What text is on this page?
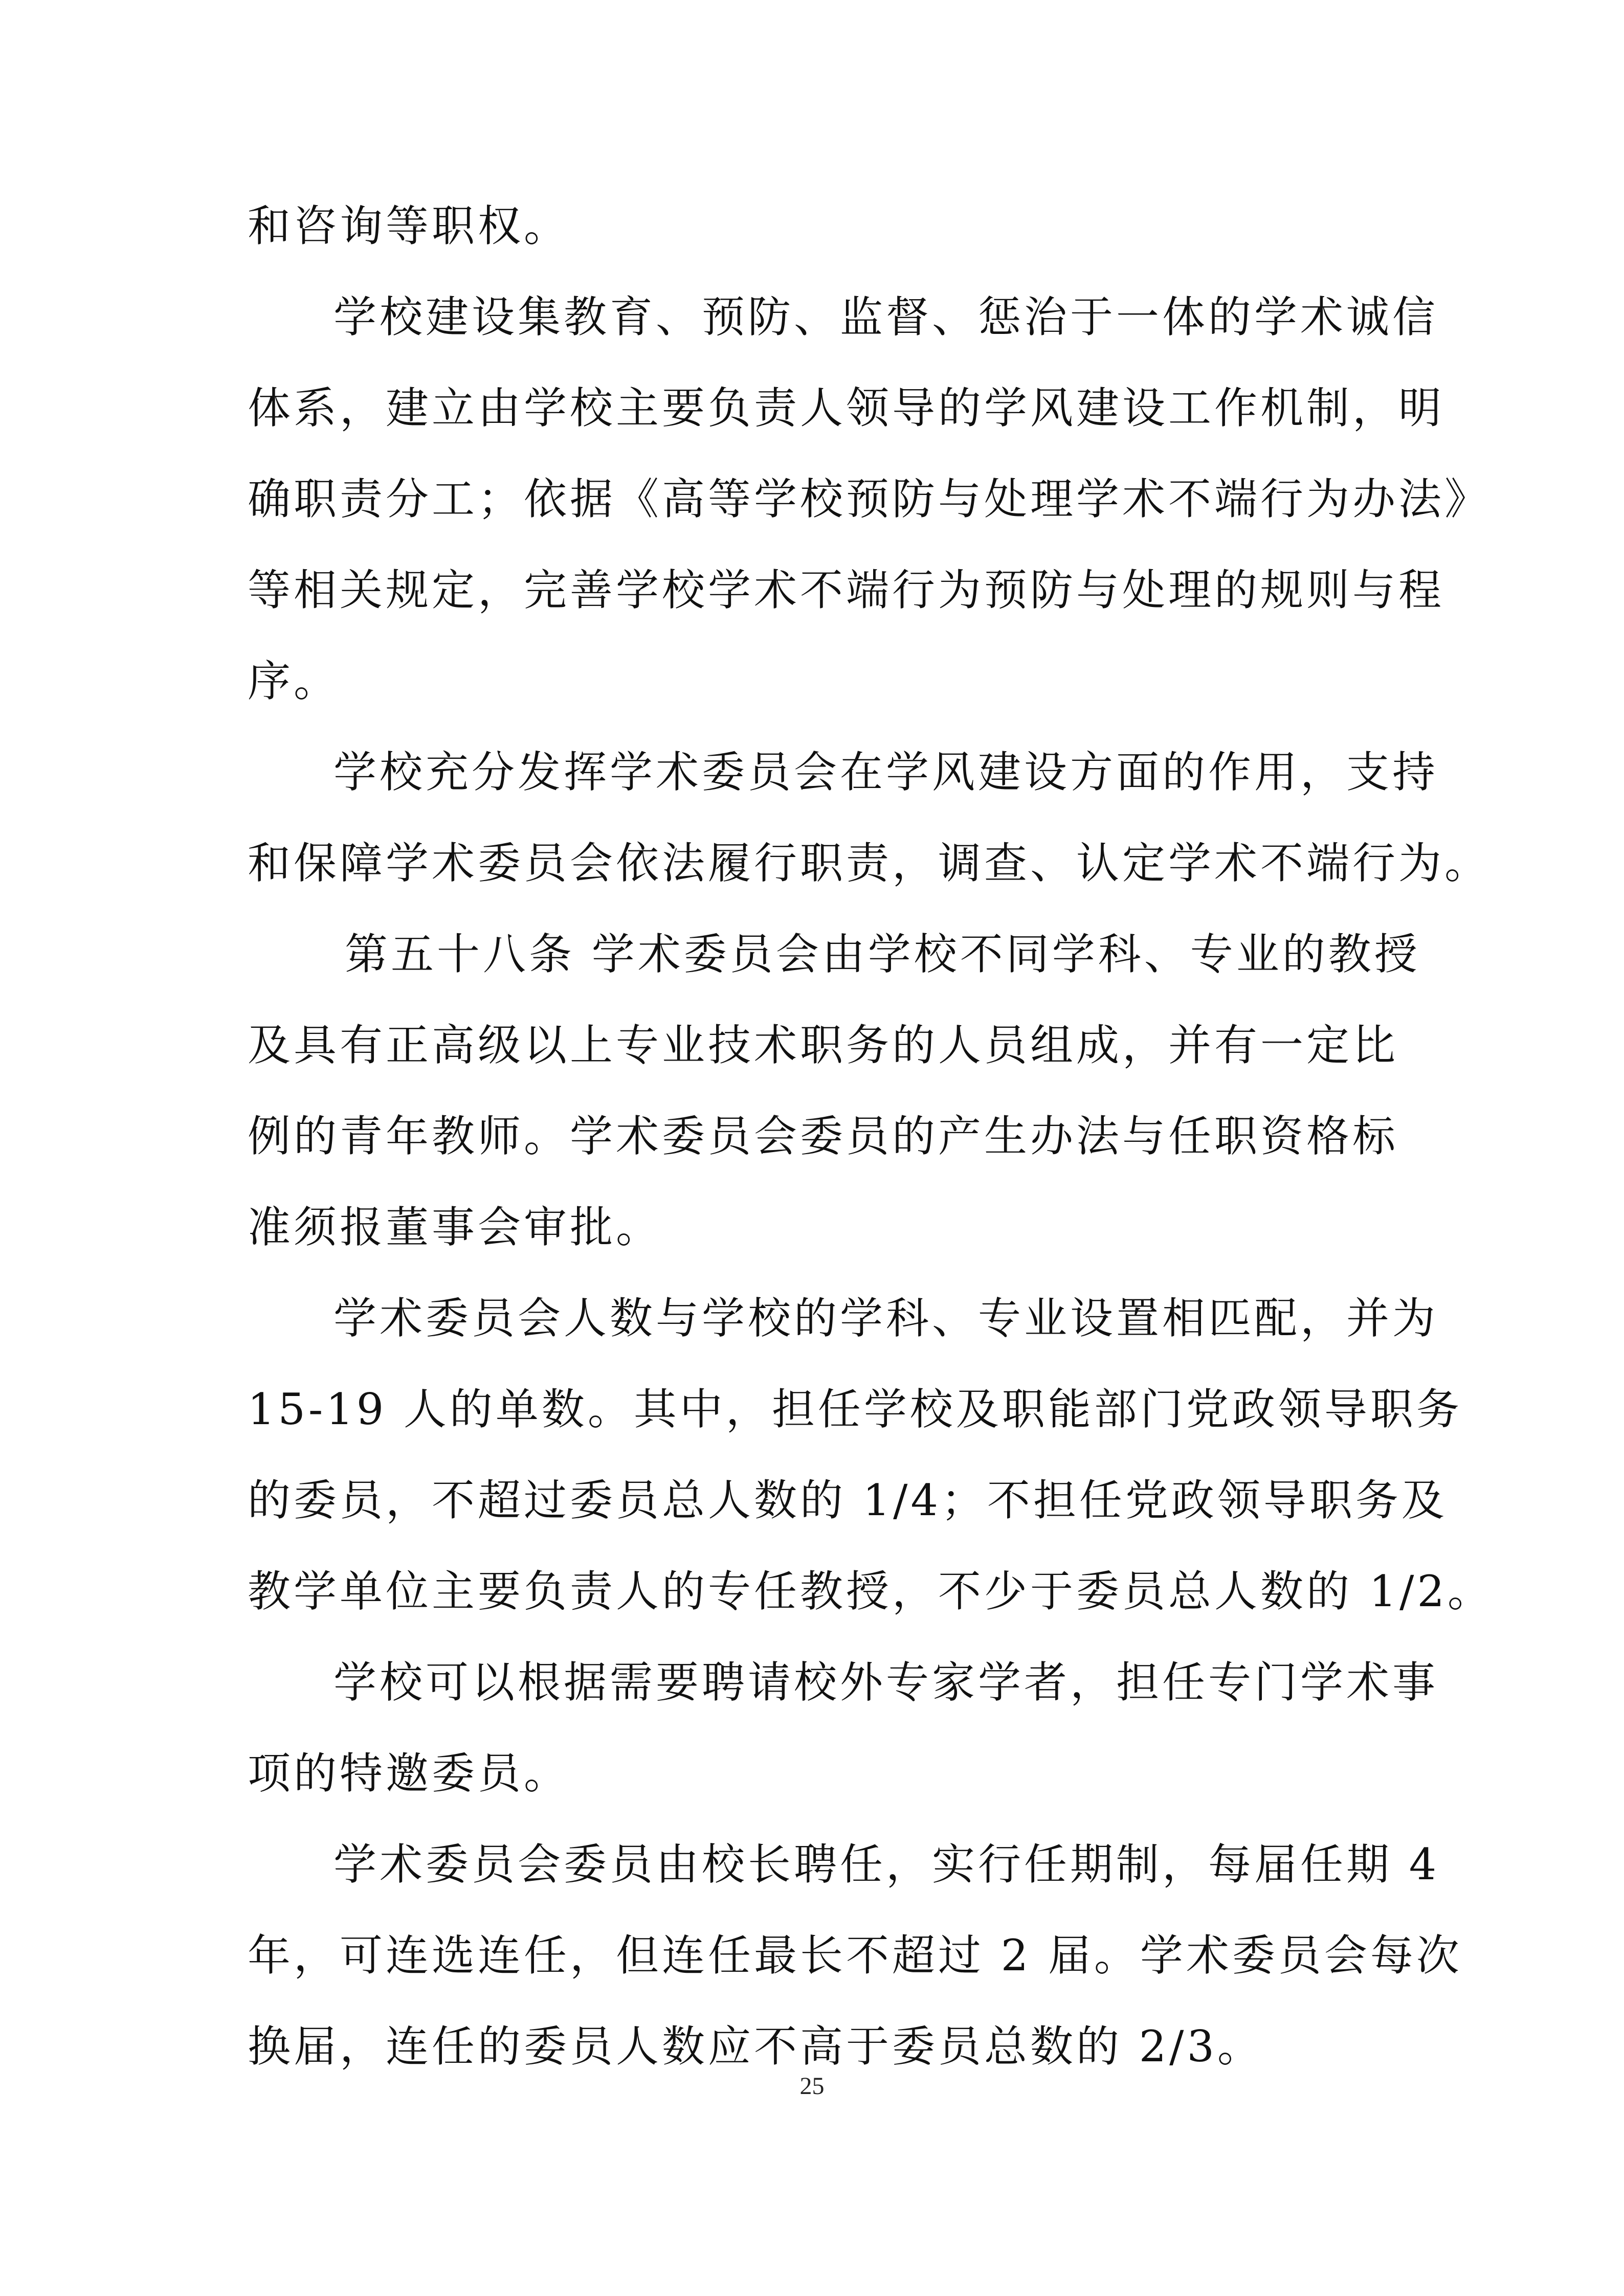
和咨询等职权。
学校建设集教育、预防、监督、惩治于一体的学术诚信
体系，建立由学校主要负责人领导的学风建设工作机制，明
确职责分工；依据《高等学校预防与处理学术不端行为办法》
等相关规定，完善学校学术不端行为预防与处理的规则与程
序。
学校充分发挥学术委员会在学风建设方面的作用，支持
和保障学术委员会依法履行职责，调查、认定学术不端行为。
第五十八条 学术委员会由学校不同学科、专业的教授
及具有正高级以上专业技术职务的人员组成，并有一定比
例的青年教师。学术委员会委员的产生办法与任职资格标
准须报董事会审批。
学术委员会人数与学校的学科、专业设置相匹配，并为
15-19 人的单数。其中，担任学校及职能部门党政领导职务
的委员，不超过委员总人数的 1/4；不担任党政领导职务及
教学单位主要负责人的专任教授，不少于委员总人数的 1/2。
学校可以根据需要聘请校外专家学者，担任专门学术事
项的特邀委员。
学术委员会委员由校长聘任，实行任期制，每届任期 4
年，可连选连任，但连任最长不超过 2 届。学术委员会每次
换届，连任的委员人数应不高于委员总数的 2/3。
25
